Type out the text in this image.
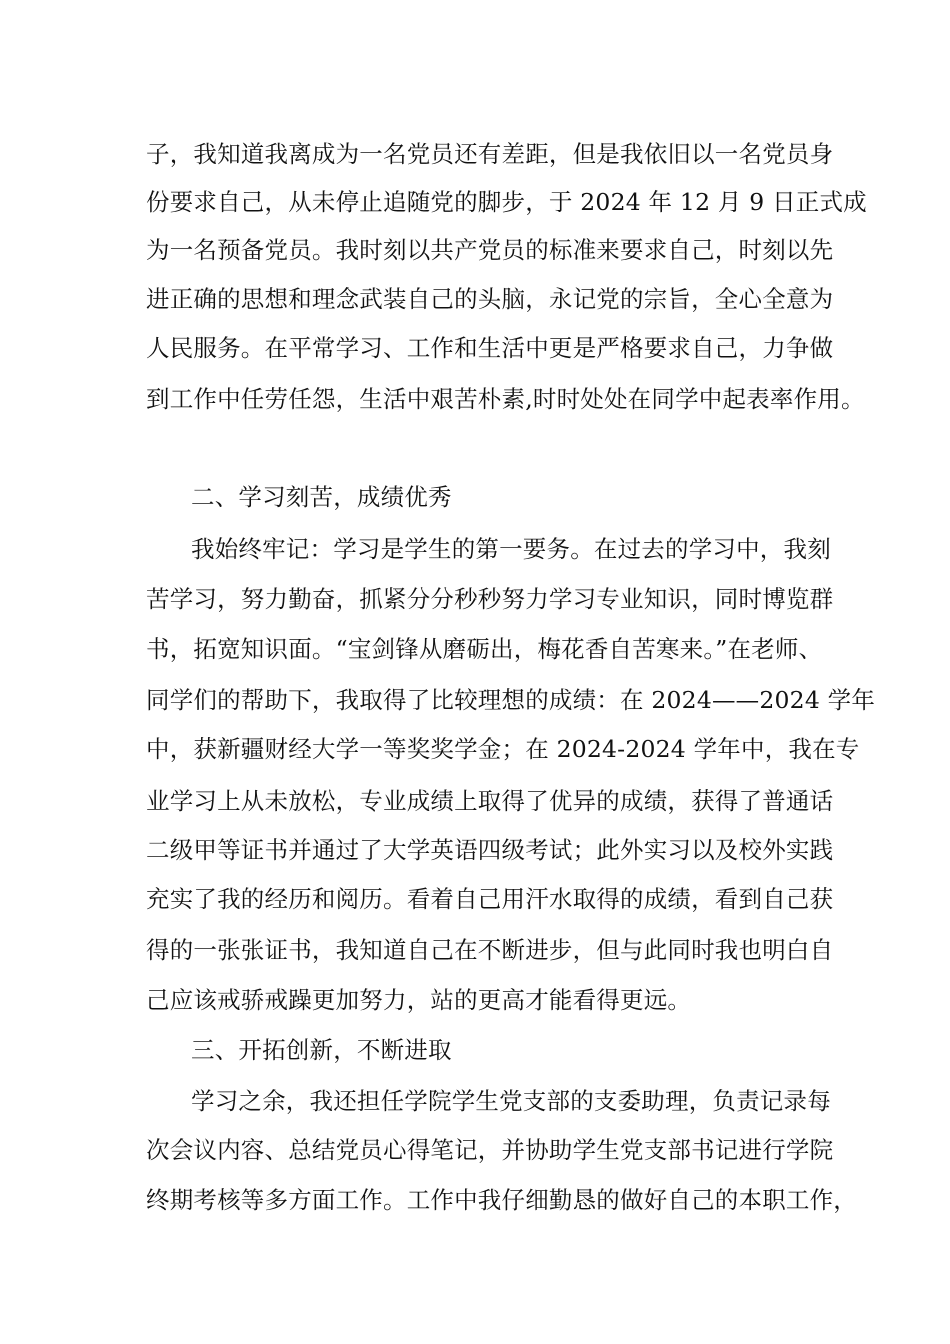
子，我知道我离成为一名党员还有差距，但是我依旧以一名党员身
份要求自己，从未停止追随党的脚步，于 2024 年 12 月 9 日正式成
为一名预备党员。我时刻以共产党员的标准来要求自己，时刻以先
进正确的思想和理念武装自己的头脑，永记党的宗旨，全心全意为
人民服务。在平常学习、工作和生活中更是严格要求自己，力争做
到工作中任劳任怨，生活中艰苦朴素,时时处处在同学中起表率作用。
二、学习刻苦，成绩优秀
我始终牢记：学习是学生的第一要务。在过去的学习中，我刻
苦学习，努力勤奋，抓紧分分秒秒努力学习专业知识，同时博览群
书，拓宽知识面。“宝剑锋从磨砺出，梅花香自苦寒来。”在老师、
同学们的帮助下，我取得了比较理想的成绩：在 2024——2024 学年
中，获新疆财经大学一等奖奖学金；在 2024-2024 学年中，我在专
业学习上从未放松，专业成绩上取得了优异的成绩，获得了普通话
二级甲等证书并通过了大学英语四级考试；此外实习以及校外实践
充实了我的经历和阅历。看着自己用汗水取得的成绩，看到自己获
得的一张张证书，我知道自己在不断进步，但与此同时我也明白自
己应该戒骄戒躁更加努力，站的更高才能看得更远。
三、开拓创新，不断进取
学习之余，我还担任学院学生党支部的支委助理，负责记录每
次会议内容、总结党员心得笔记，并协助学生党支部书记进行学院
终期考核等多方面工作。工作中我仔细勤恳的做好自己的本职工作，
